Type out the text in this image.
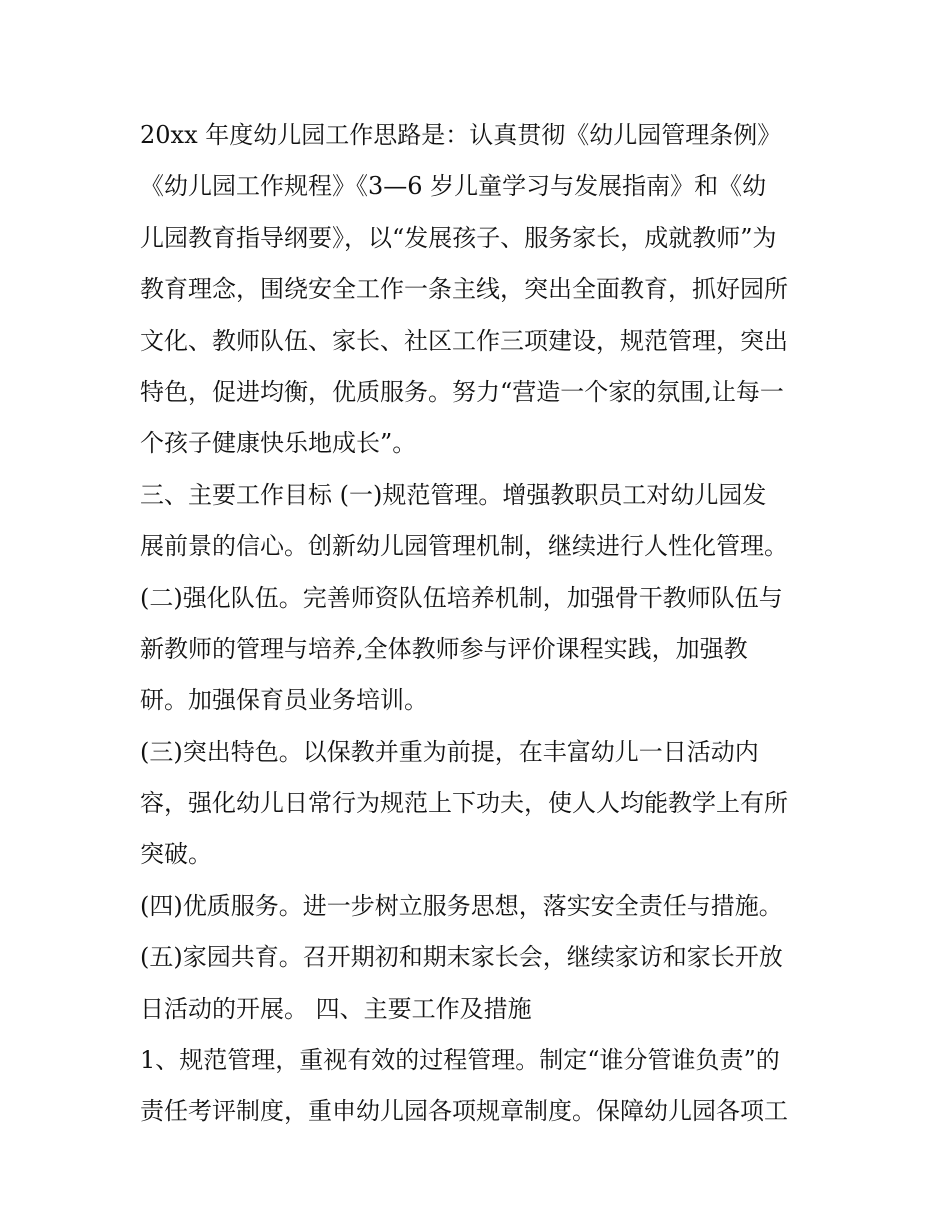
20xx 年度幼儿园工作思路是：认真贯彻《幼儿园管理条例》
《幼儿园工作规程》《3—6 岁儿童学习与发展指南》和《幼
儿园教育指导纲要》，以“发展孩子、服务家长，成就教师”为
教育理念，围绕安全工作一条主线，突出全面教育，抓好园所
文化、教师队伍、家长、社区工作三项建设，规范管理，突出
特色，促进均衡，优质服务。努力“营造一个家的氛围,让每一
个孩子健康快乐地成长”。
三、主要工作目标 (一)规范管理。增强教职员工对幼儿园发
展前景的信心。创新幼儿园管理机制，继续进行人性化管理。
(二)强化队伍。完善师资队伍培养机制，加强骨干教师队伍与
新教师的管理与培养,全体教师参与评价课程实践，加强教
研。加强保育员业务培训。
(三)突出特色。以保教并重为前提，在丰富幼儿一日活动内
容，强化幼儿日常行为规范上下功夫，使人人均能教学上有所
突破。
(四)优质服务。进一步树立服务思想，落实安全责任与措施。
(五)家园共育。召开期初和期末家长会，继续家访和家长开放
日活动的开展。 四、主要工作及措施
1、规范管理，重视有效的过程管理。制定“谁分管谁负责”的
责任考评制度，重申幼儿园各项规章制度。保障幼儿园各项工
